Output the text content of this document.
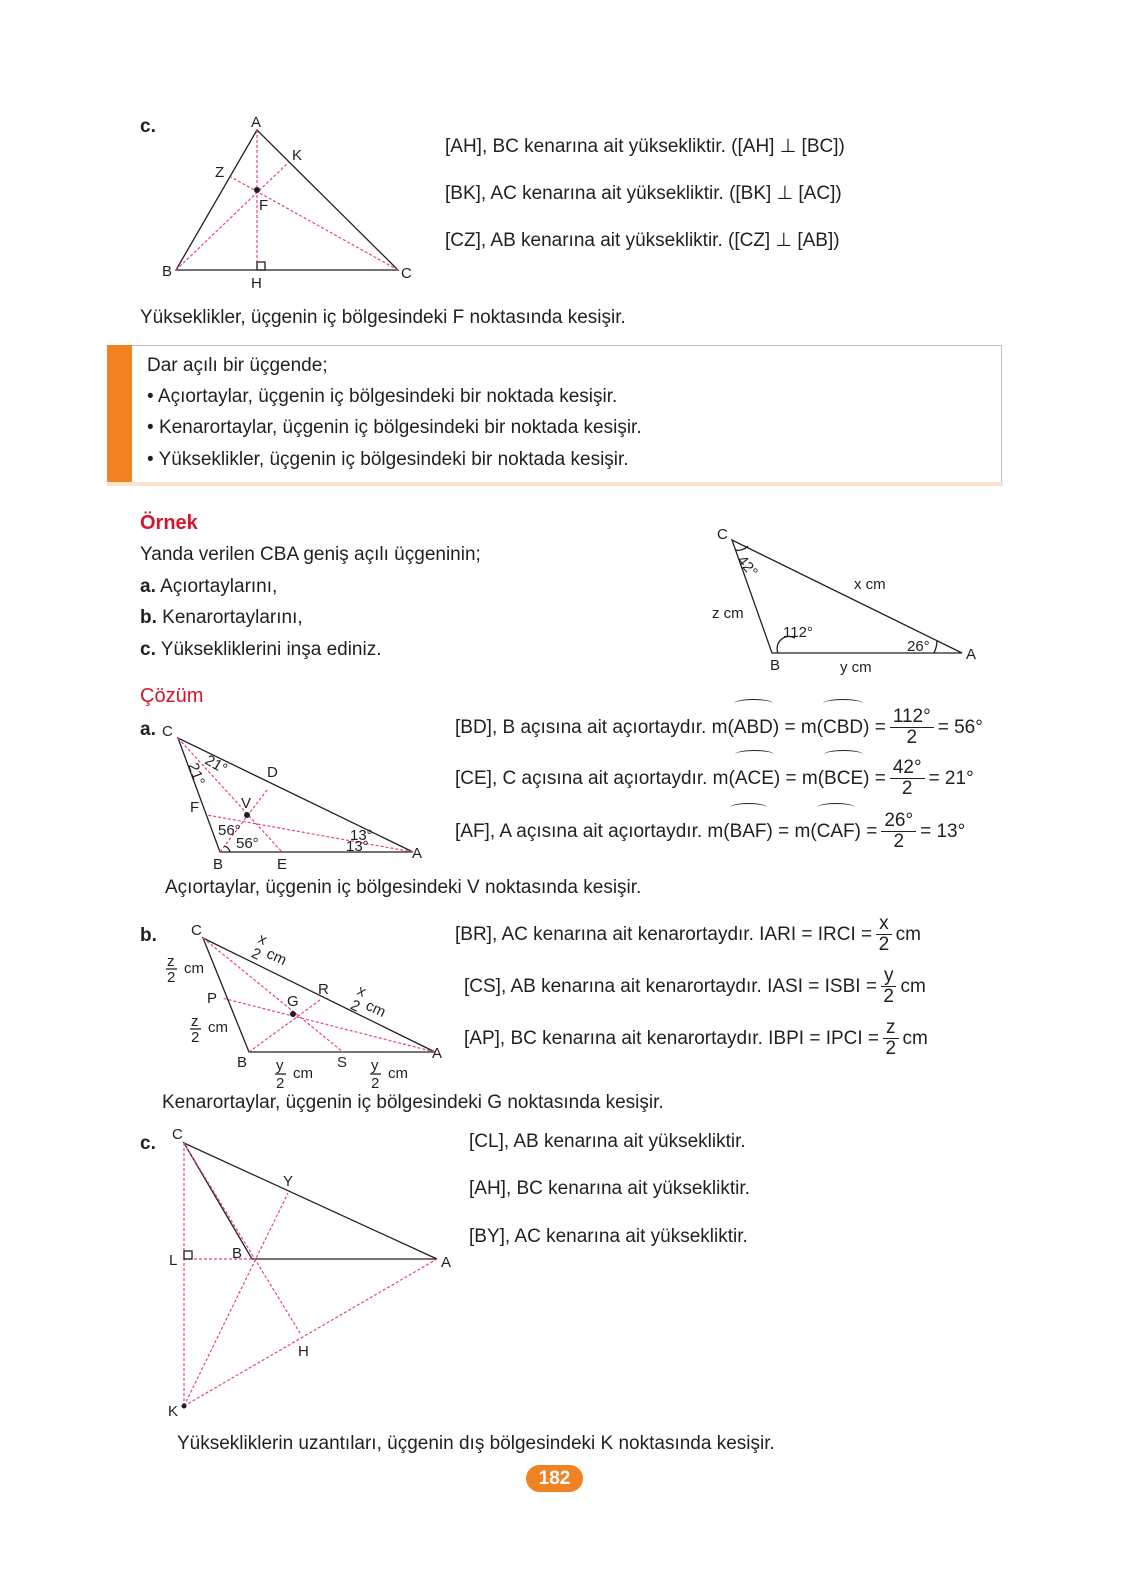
c.
[AH], BC kenarına ait yüksekliktir. ([AH] ⊥ [BC])
[BK], AC kenarına ait yüksekliktir. ([BK] ⊥ [AC])
[CZ], AB kenarına ait yüksekliktir. ([CZ] ⊥ [AB])
Yükseklikler, üçgenin iç bölgesindeki F noktasında kesişir.
Dar açılı bir üçgende;
• Açıortaylar, üçgenin iç bölgesindeki bir noktada kesişir.
• Kenarortaylar, üçgenin iç bölgesindeki bir noktada kesişir.
• Yükseklikler, üçgenin iç bölgesindeki bir noktada kesişir.
Örnek
Yanda verilen CBA geniş açılı üçgeninin;
a. Açıortaylarını,
b. Kenarortaylarını,
c. Yüksekliklerini inşa ediniz.
Çözüm
a.	[BD], B açısına ait açıortaydır. $m(ABD) = m(CBD) = \frac{112^\circ}{2} = 56^\circ$
[CE], C açısına ait açıortaydır. $m(ACE) = m(BCE) = \frac{42^\circ}{2} = 21^\circ$
[AF], A açısına ait açıortaydır. $m(BAF) = m(CAF) = \frac{26^\circ}{2} = 13^\circ$
Açıortaylar, üçgenin iç bölgesindeki V noktasında kesişir.
b.	[BR], AC kenarına ait kenarortaydır. IARI = IRCI = $\frac{x}{2}$ cm
[CS], AB kenarına ait kenarortaydır. IASI = ISBI = $\frac{y}{2}$ cm
[AP], BC kenarına ait kenarortaydır. IBPI = IPCI = $\frac{z}{2}$ cm
Kenarortaylar, üçgenin iç bölgesindeki G noktasında kesişir.
c.	[CL], AB kenarına ait yüksekliktir.
[AH], BC kenarına ait yüksekliktir.
[BY], AC kenarına ait yüksekliktir.
Yüksekliklerin uzantıları, üçgenin dış bölgesindeki K noktasında kesişir.
182
A
B	C
H
F
K
Z
C
B
A
42°
112°
26°
x cm
y cm
z cm
C
B
A
D
E
F	V
21°
21°
56°
56°	13°
13°
C
B
A
P
R
S
G
z
2
cm
z
2
cm
y
2
cm	y
2
cm
x
2 cm
x
2 cm
C
B
A
L
Y
H
K
